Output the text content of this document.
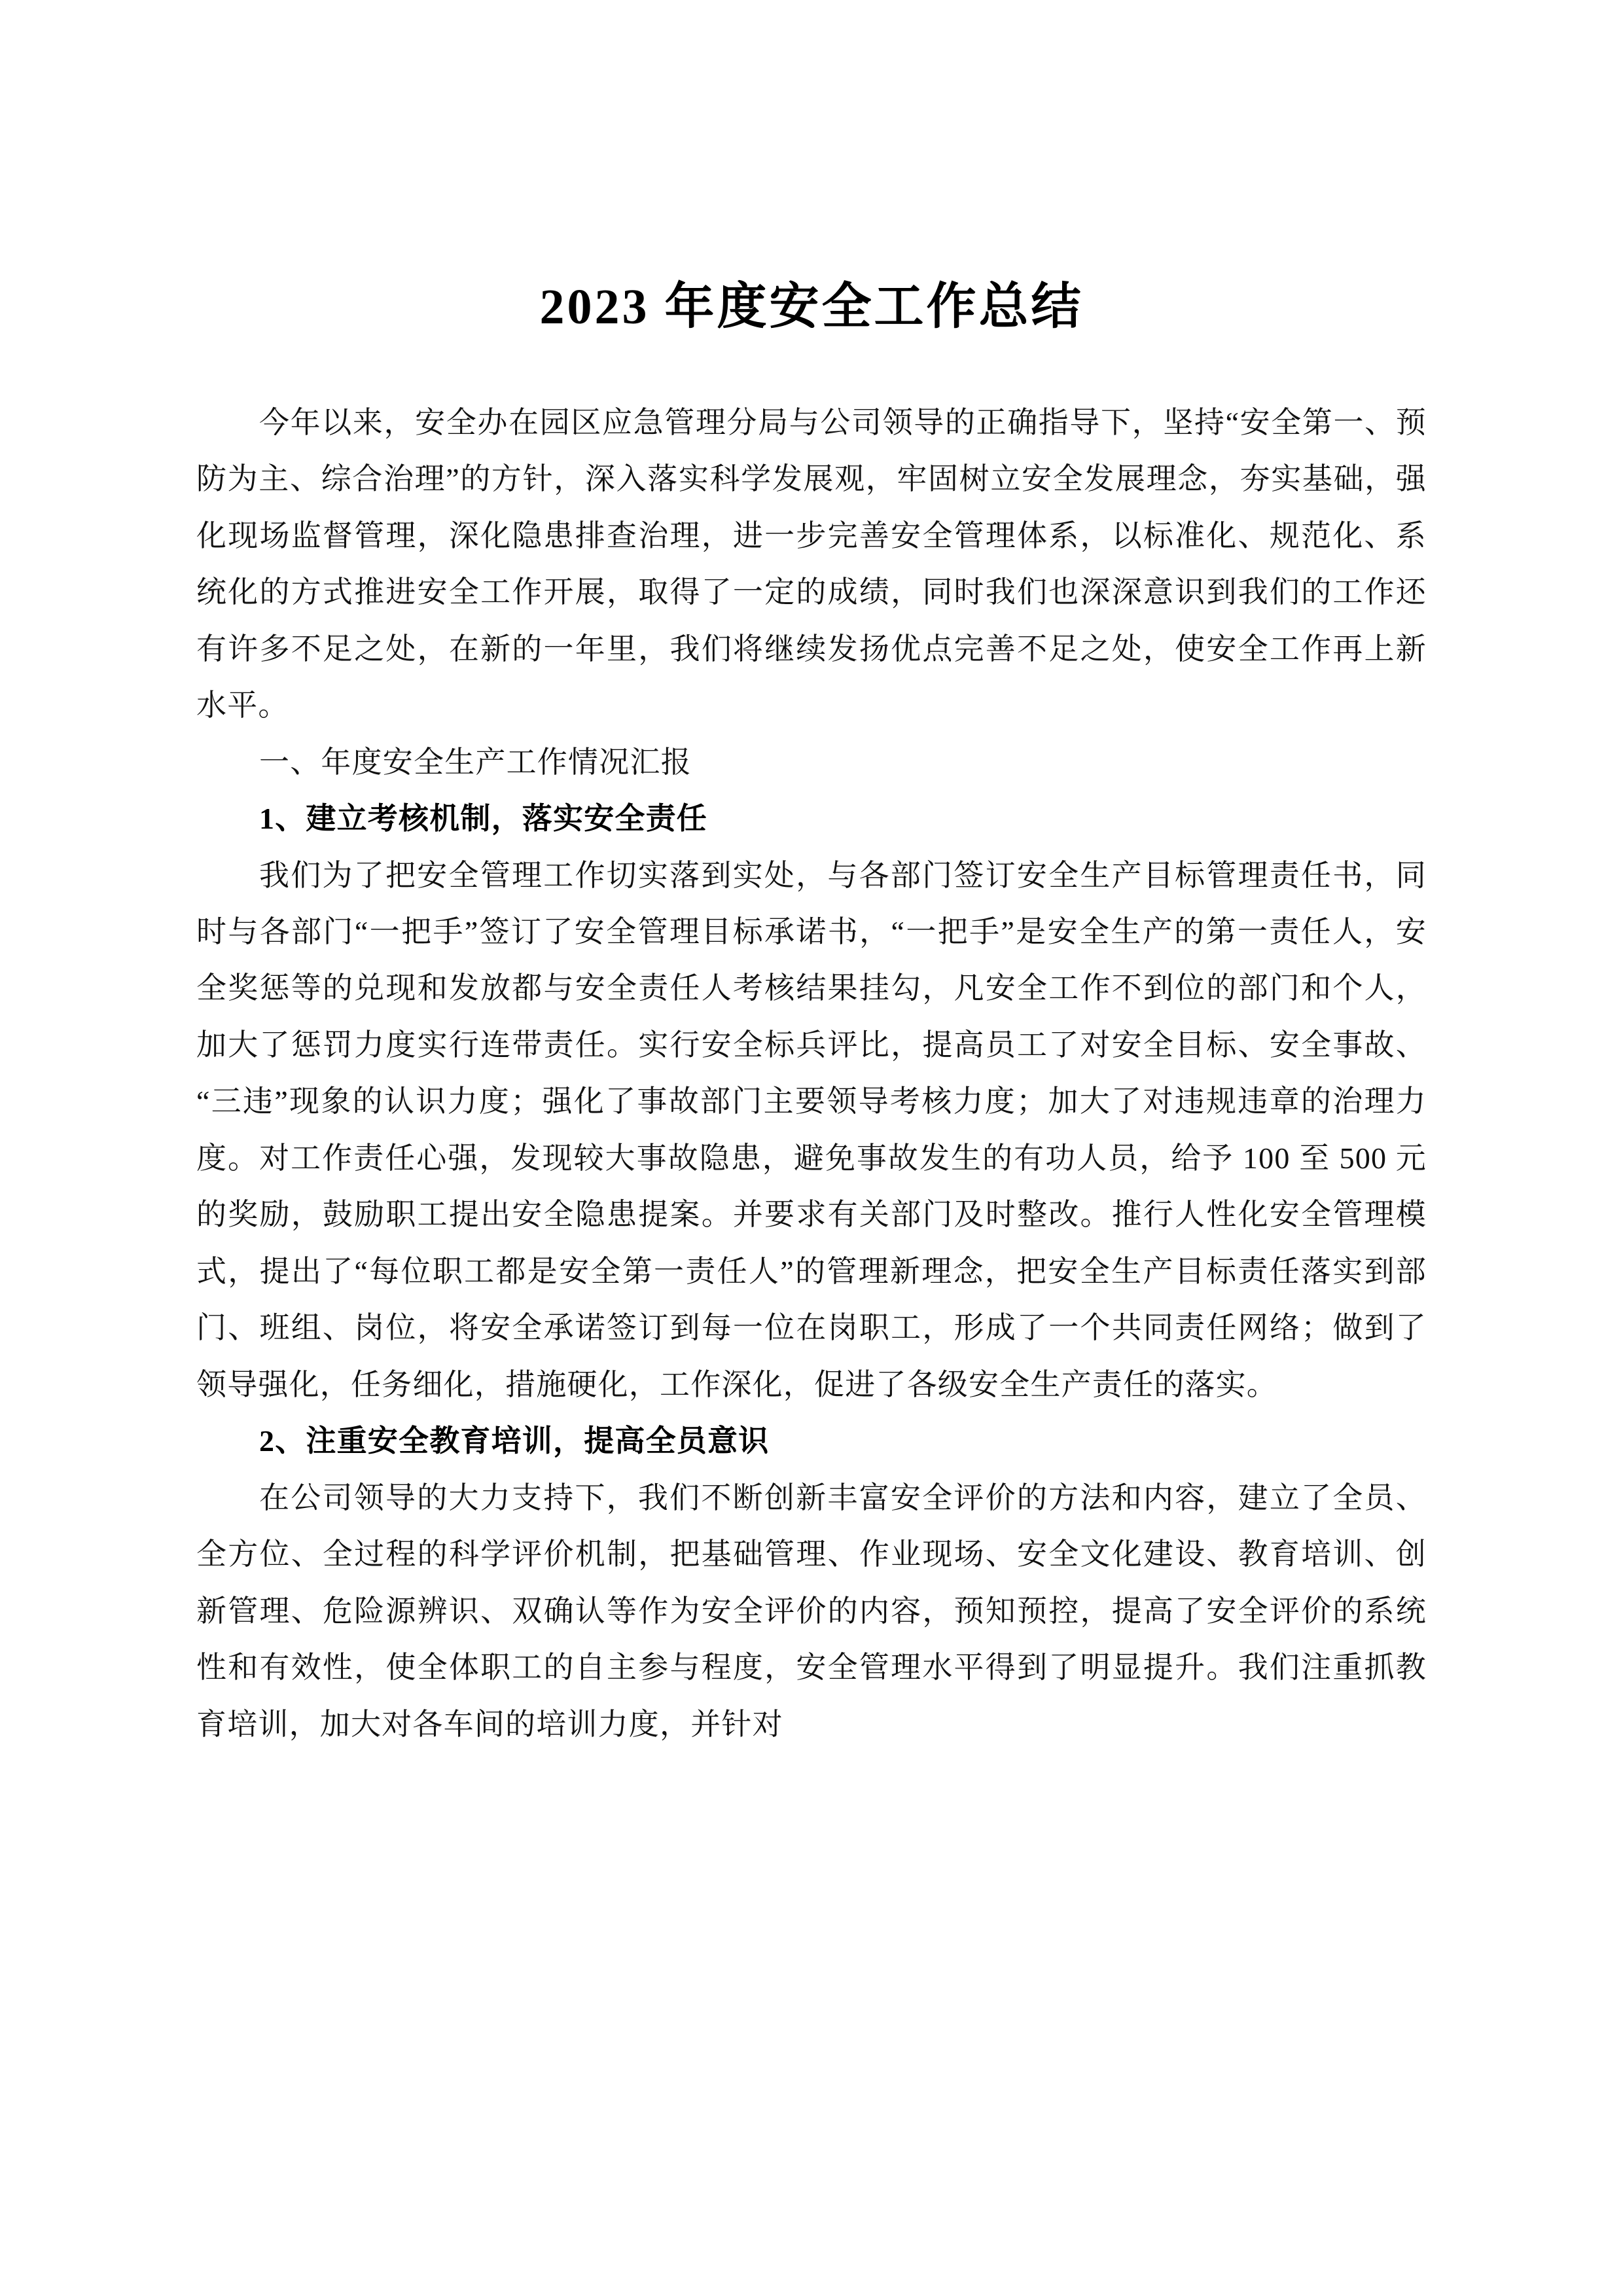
2023 年度安全工作总结

今年以来，安全办在园区应急管理分局与公司领导的正确指导下，坚持“安全第一、预防为主、综合治理”的方针，深入落实科学发展观，牢固树立安全发展理念，夯实基础，强化现场监督管理，深化隐患排查治理，进一步完善安全管理体系，以标准化、规范化、系统化的方式推进安全工作开展，取得了一定的成绩，同时我们也深深意识到我们的工作还有许多不足之处，在新的一年里，我们将继续发扬优点完善不足之处，使安全工作再上新水平。

一、年度安全生产工作情况汇报

1、建立考核机制，落实安全责任

我们为了把安全管理工作切实落到实处，与各部门签订安全生产目标管理责任书，同时与各部门“一把手”签订了安全管理目标承诺书，“一把手”是安全生产的第一责任人，安全奖惩等的兑现和发放都与安全责任人考核结果挂勾，凡安全工作不到位的部门和个人，加大了惩罚力度实行连带责任。实行安全标兵评比，提高员工了对安全目标、安全事故、“三违”现象的认识力度；强化了事故部门主要领导考核力度；加大了对违规违章的治理力度。对工作责任心强，发现较大事故隐患，避免事故发生的有功人员，给予 100 至 500 元的奖励，鼓励职工提出安全隐患提案。并要求有关部门及时整改。推行人性化安全管理模式，提出了“每位职工都是安全第一责任人”的管理新理念，把安全生产目标责任落实到部门、班组、岗位，将安全承诺签订到每一位在岗职工，形成了一个共同责任网络；做到了领导强化，任务细化，措施硬化，工作深化，促进了各级安全生产责任的落实。

2、注重安全教育培训，提高全员意识

在公司领导的大力支持下，我们不断创新丰富安全评价的方法和内容，建立了全员、全方位、全过程的科学评价机制，把基础管理、作业现场、安全文化建设、教育培训、创新管理、危险源辨识、双确认等作为安全评价的内容，预知预控，提高了安全评价的系统性和有效性，使全体职工的自主参与程度，安全管理水平得到了明显提升。我们注重抓教育培训，加大对各车间的培训力度，并针对
